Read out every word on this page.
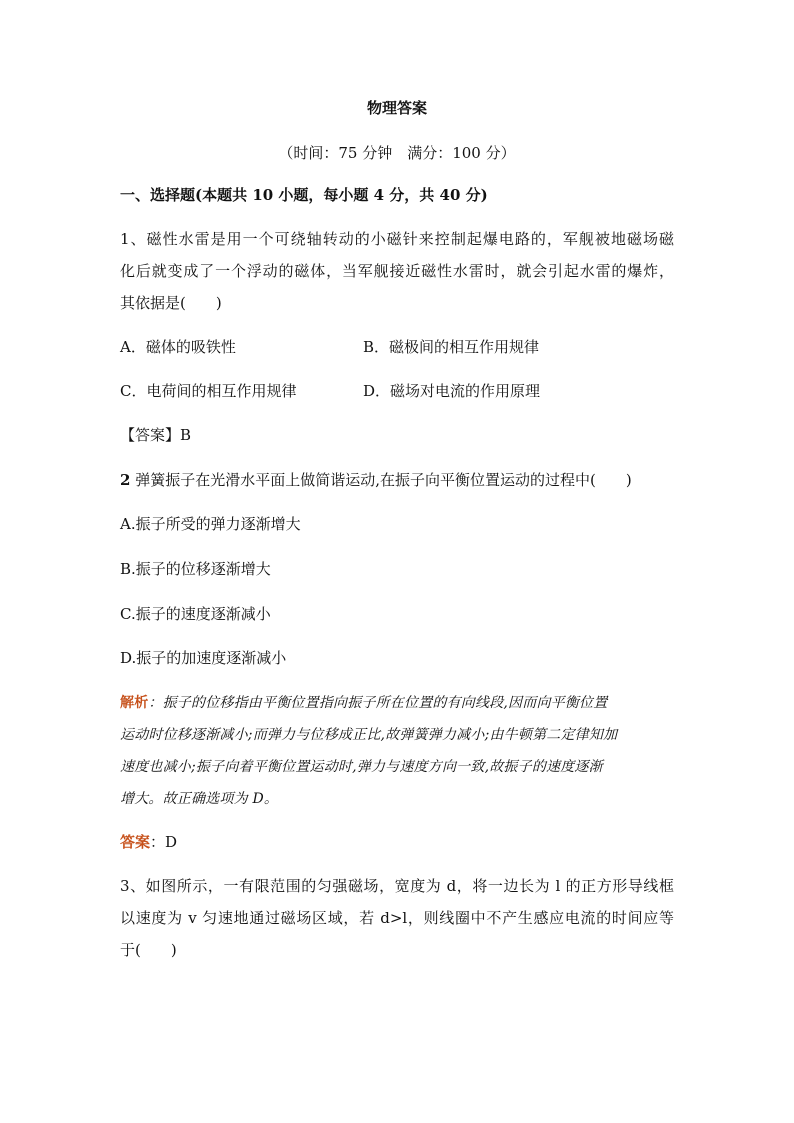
物理答案
（时间：75 分钟　满分：100 分）
一、选择题(本题共 10 小题，每小题 4 分，共 40 分)
1、磁性水雷是用一个可绕轴转动的小磁针来控制起爆电路的，军舰被地磁场磁
化后就变成了一个浮动的磁体，当军舰接近磁性水雷时，就会引起水雷的爆炸，
其依据是(　　)
A．磁体的吸铁性	B．磁极间的相互作用规律
C．电荷间的相互作用规律	D．磁场对电流的作用原理
【答案】B
2 弹簧振子在光滑水平面上做简谐运动,在振子向平衡位置运动的过程中(　　)
A.振子所受的弹力逐渐增大
B.振子的位移逐渐增大
C.振子的速度逐渐减小
D.振子的加速度逐渐减小
解析：振子的位移指由平衡位置指向振子所在位置的有向线段,因而向平衡位置
运动时位移逐渐减小;而弹力与位移成正比,故弹簧弹力减小;由牛顿第二定律知加
速度也减小;振子向着平衡位置运动时,弹力与速度方向一致,故振子的速度逐渐
增大。故正确选项为 D。
答案：D
3、如图所示，一有限范围的匀强磁场，宽度为 d，将一边长为 l 的正方形导线框
以速度为 v 匀速地通过磁场区域，若 d>l，则线圈中不产生感应电流的时间应等
于(　　)
